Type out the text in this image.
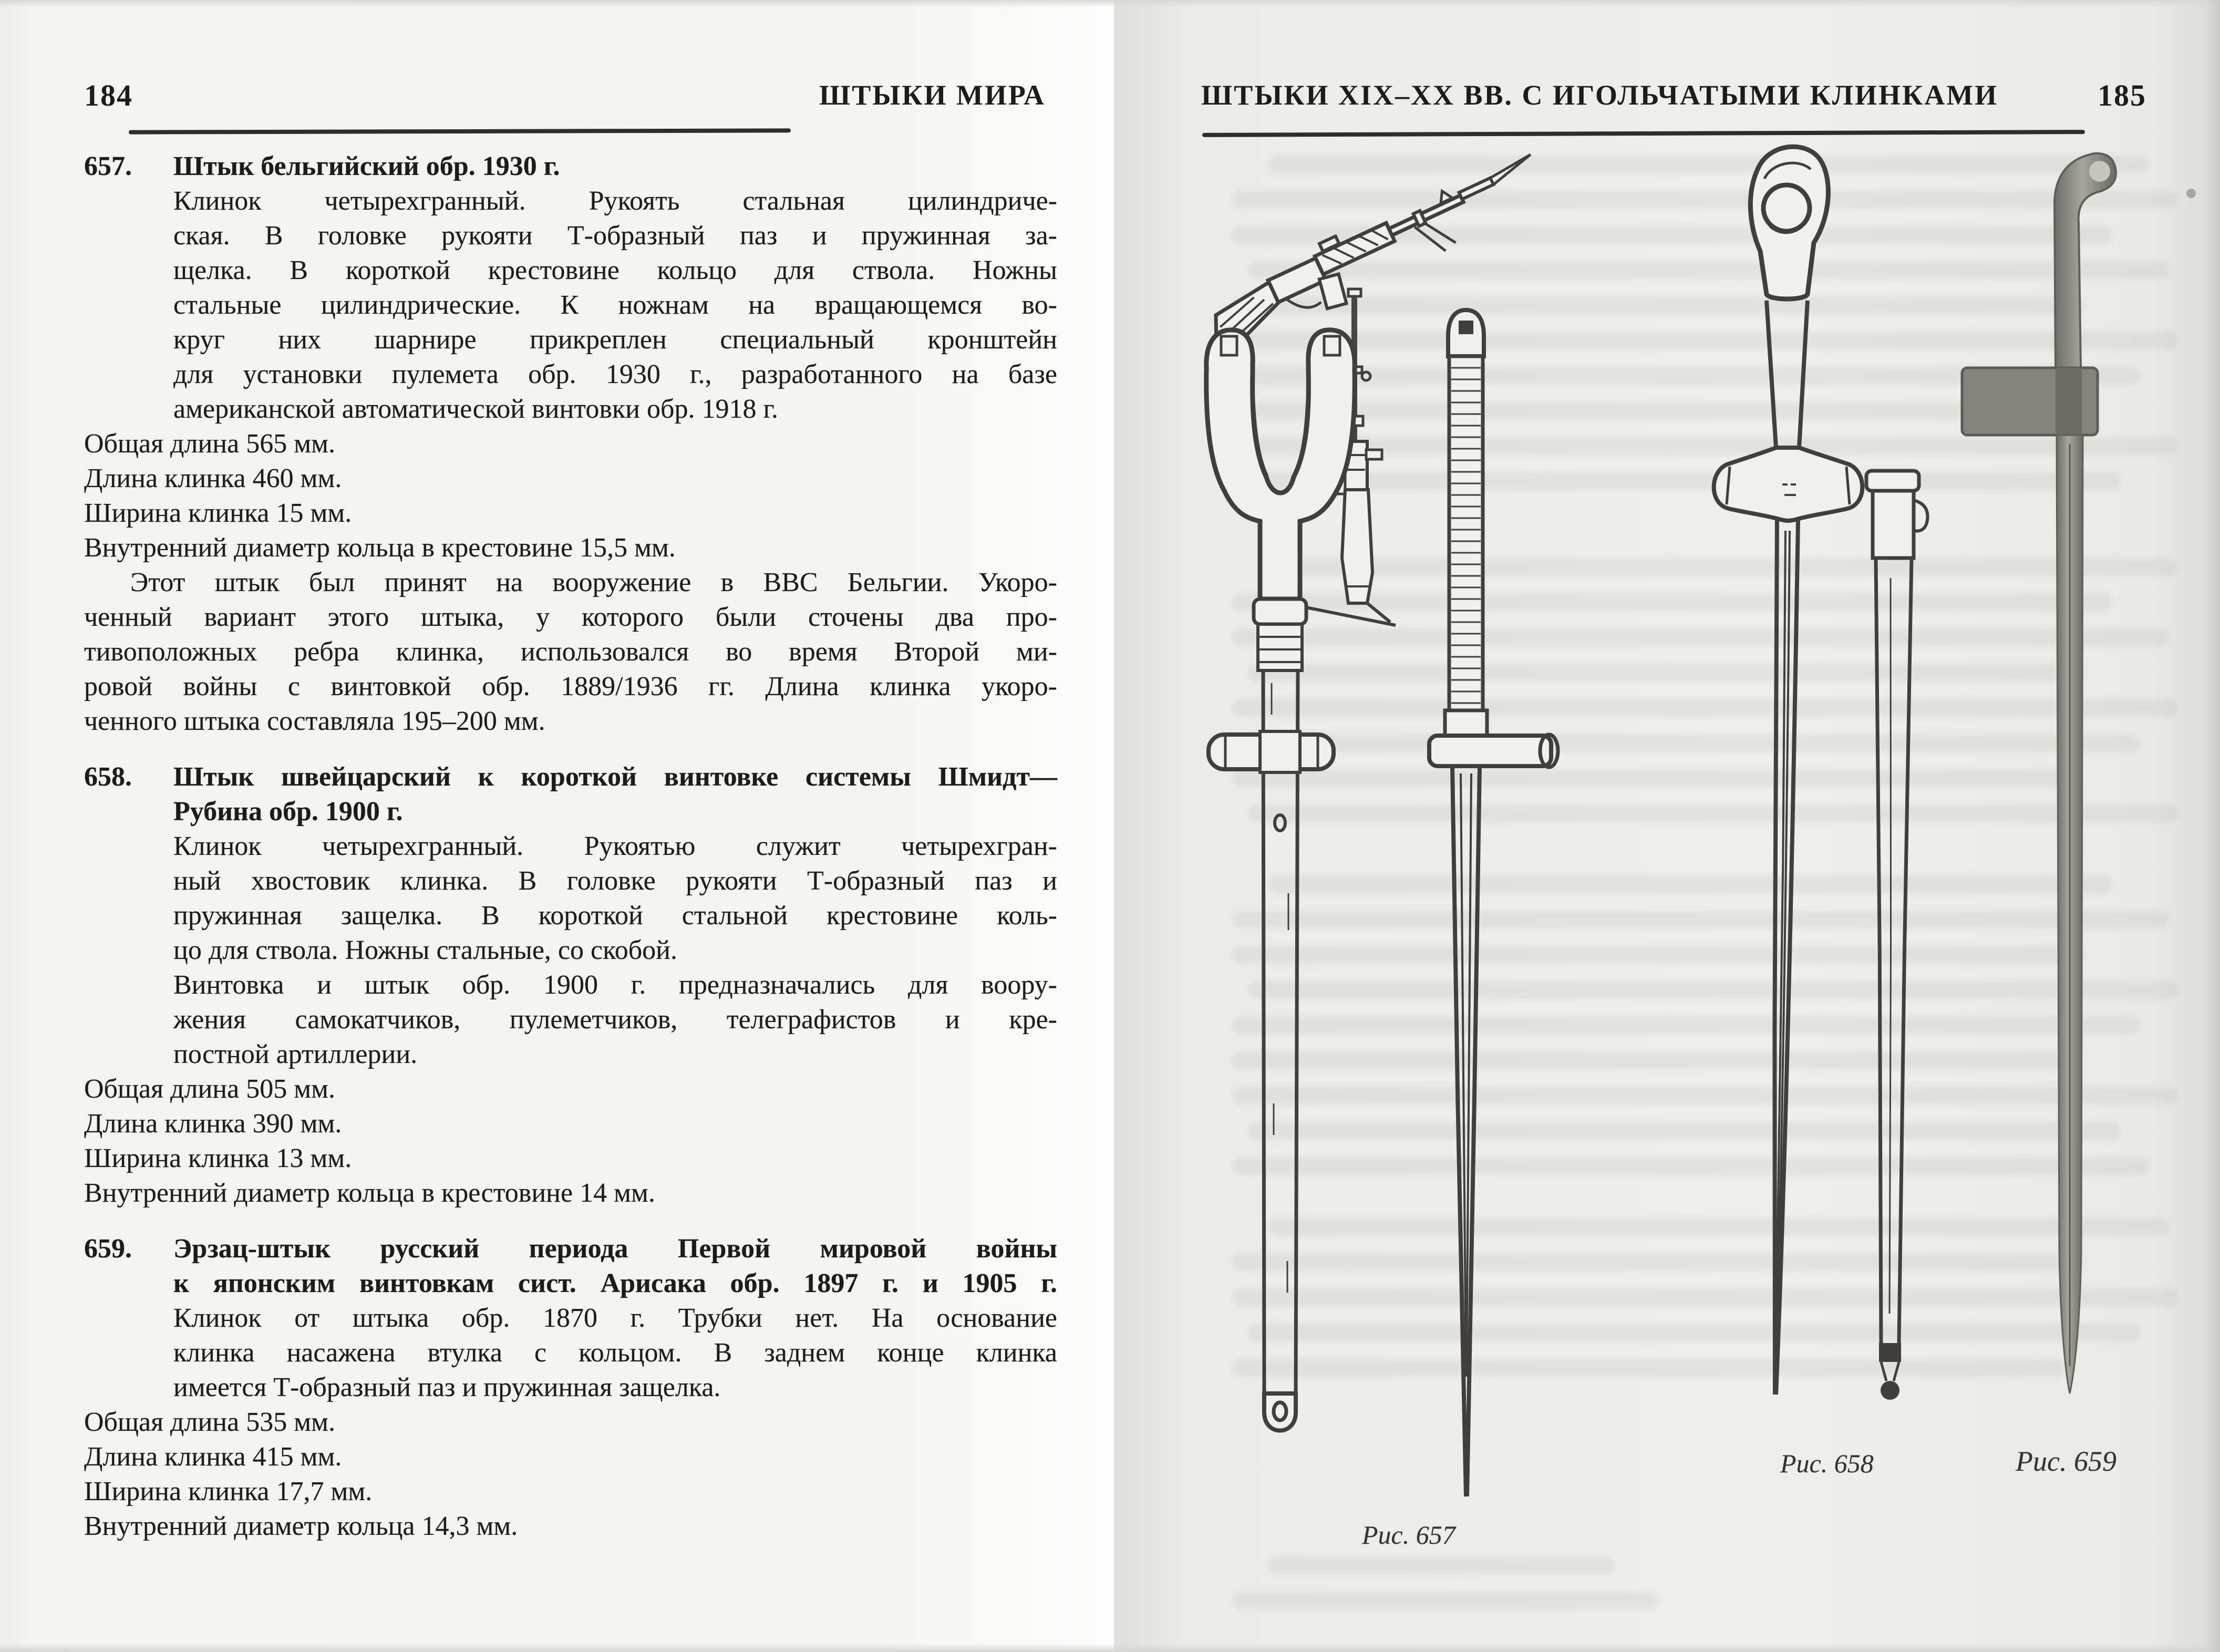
184	ШТЫКИ МИРА
657. Штык бельгийский обр. 1930 г.
Клинок четырехгранный. Рукоять стальная цилиндриче-
ская. В головке рукояти Т-образный паз и пружинная за-
щелка. В короткой крестовине кольцо для ствола. Ножны
стальные цилиндрические. К ножнам на вращающемся во-
круг них шарнире прикреплен специальный кронштейн
для установки пулемета обр. 1930 г., разработанного на базе
американской автоматической винтовки обр. 1918 г.
Общая длина 565 мм.
Длина клинка 460 мм.
Ширина клинка 15 мм.
Внутренний диаметр кольца в крестовине 15,5 мм.
Этот штык был принят на вооружение в ВВС Бельгии. Укоро-
ченный вариант этого штыка, у которого были сточены два про-
тивоположных ребра клинка, использовался во время Второй ми-
ровой войны с винтовкой обр. 1889/1936 гг. Длина клинка укоро-
ченного штыка составляла 195–200 мм.
658. Штык швейцарский к короткой винтовке системы Шмидт—
Рубина обр. 1900 г.
Клинок четырехгранный. Рукоятью служит четырехгран-
ный хвостовик клинка. В головке рукояти Т-образный паз и
пружинная защелка. В короткой стальной крестовине коль-
цо для ствола. Ножны стальные, со скобой.
Винтовка и штык обр. 1900 г. предназначались для воору-
жения самокатчиков, пулеметчиков, телеграфистов и кре-
постной артиллерии.
Общая длина 505 мм.
Длина клинка 390 мм.
Ширина клинка 13 мм.
Внутренний диаметр кольца в крестовине 14 мм.
659. Эрзац-штык русский периода Первой мировой войны
к японским винтовкам сист. Арисака обр. 1897 г. и 1905 г.
Клинок от штыка обр. 1870 г. Трубки нет. На основание
клинка насажена втулка с кольцом. В заднем конце клинка
имеется Т-образный паз и пружинная защелка.
Общая длина 535 мм.
Длина клинка 415 мм.
Ширина клинка 17,7 мм.
Внутренний диаметр кольца 14,3 мм.
ШТЫКИ XIX–XX ВВ. С ИГОЛЬЧАТЫМИ КЛИНКАМИ	185
Рис. 657
Рис. 658	Рис. 659
